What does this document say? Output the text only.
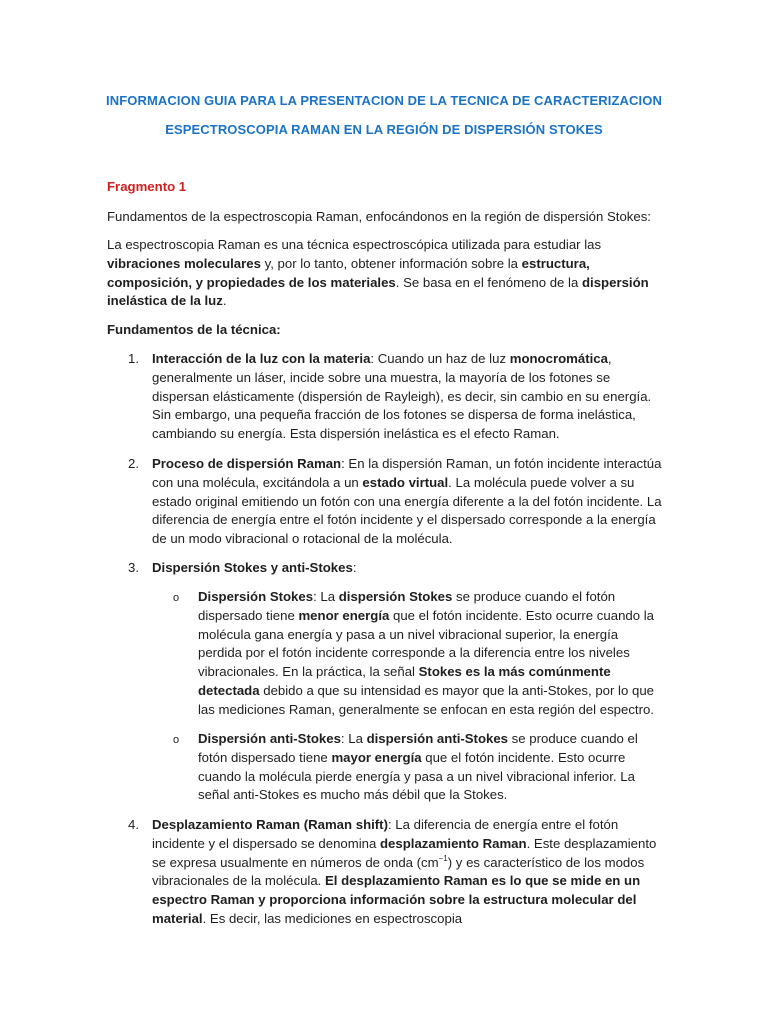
INFORMACION GUIA PARA LA PRESENTACION DE LA TECNICA DE CARACTERIZACION
ESPECTROSCOPIA RAMAN EN LA REGIÓN DE DISPERSIÓN STOKES
Fragmento 1
Fundamentos de la espectroscopia Raman, enfocándonos en la región de dispersión Stokes:
La espectroscopia Raman es una técnica espectroscópica utilizada para estudiar las vibraciones moleculares y, por lo tanto, obtener información sobre la estructura, composición, y propiedades de los materiales. Se basa en el fenómeno de la dispersión inelástica de la luz.
Fundamentos de la técnica:
1. Interacción de la luz con la materia: Cuando un haz de luz monocromática, generalmente un láser, incide sobre una muestra, la mayoría de los fotones se dispersan elásticamente (dispersión de Rayleigh), es decir, sin cambio en su energía. Sin embargo, una pequeña fracción de los fotones se dispersa de forma inelástica, cambiando su energía. Esta dispersión inelástica es el efecto Raman.
2. Proceso de dispersión Raman: En la dispersión Raman, un fotón incidente interactúa con una molécula, excitándola a un estado virtual. La molécula puede volver a su estado original emitiendo un fotón con una energía diferente a la del fotón incidente. La diferencia de energía entre el fotón incidente y el dispersado corresponde a la energía de un modo vibracional o rotacional de la molécula.
3. Dispersión Stokes y anti-Stokes:
o Dispersión Stokes: La dispersión Stokes se produce cuando el fotón dispersado tiene menor energía que el fotón incidente. Esto ocurre cuando la molécula gana energía y pasa a un nivel vibracional superior, la energía perdida por el fotón incidente corresponde a la diferencia entre los niveles vibracionales. En la práctica, la señal Stokes es la más comúnmente detectada debido a que su intensidad es mayor que la anti-Stokes, por lo que las mediciones Raman, generalmente se enfocan en esta región del espectro.
o Dispersión anti-Stokes: La dispersión anti-Stokes se produce cuando el fotón dispersado tiene mayor energía que el fotón incidente. Esto ocurre cuando la molécula pierde energía y pasa a un nivel vibracional inferior. La señal anti-Stokes es mucho más débil que la Stokes.
4. Desplazamiento Raman (Raman shift): La diferencia de energía entre el fotón incidente y el dispersado se denomina desplazamiento Raman. Este desplazamiento se expresa usualmente en números de onda $(cm^{-1})$ y es característico de los modos vibracionales de la molécula. El desplazamiento Raman es lo que se mide en un espectro Raman y proporciona información sobre la estructura molecular del material. Es decir, las mediciones en espectroscopia
